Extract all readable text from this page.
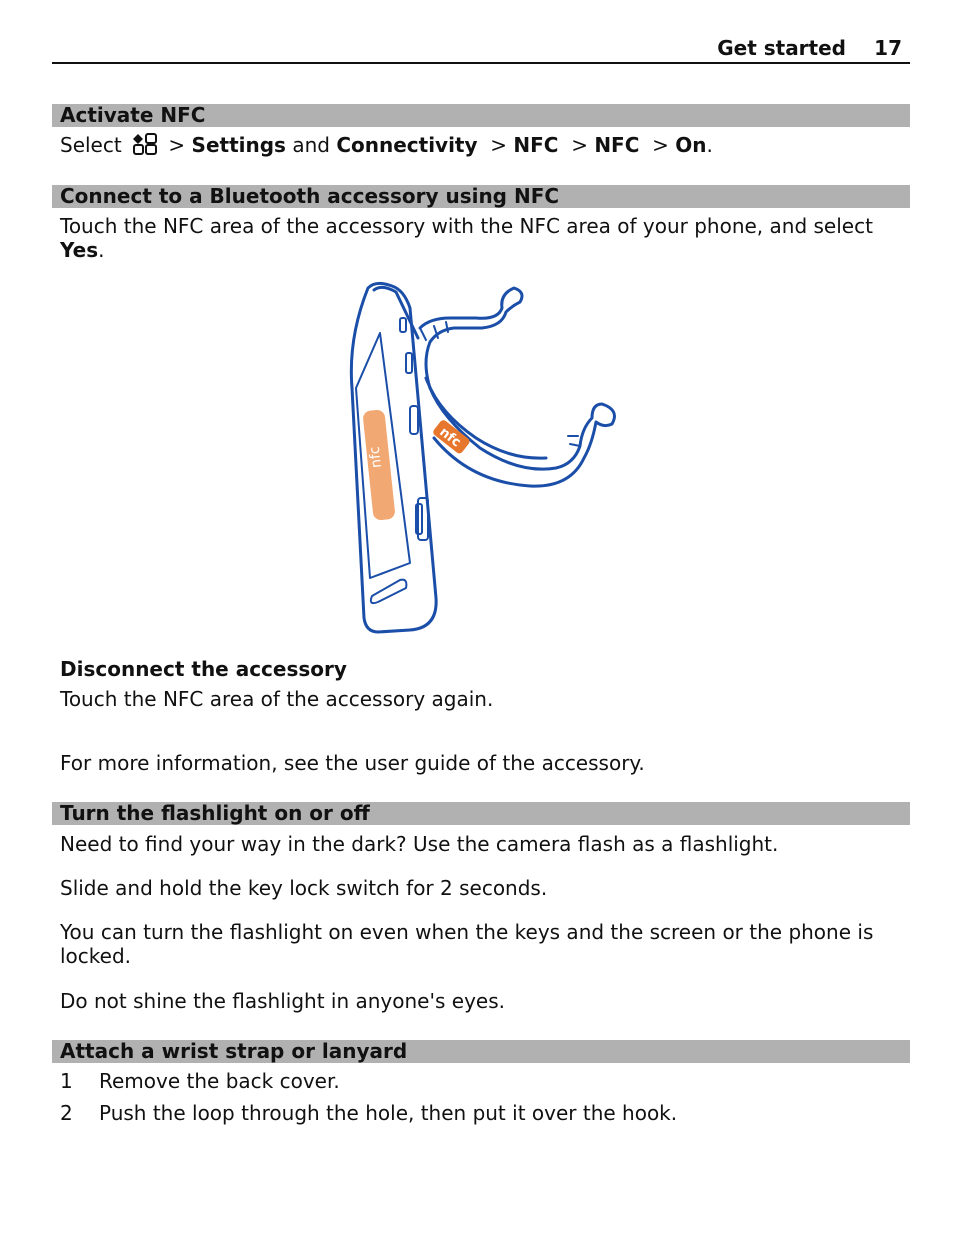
Get started 17
Activate NFC
Select > Settings and Connectivity > NFC > NFC > On.
Connect to a Bluetooth accessory using NFC
Touch the NFC area of the accessory with the NFC area of your phone, and select Yes.
nfc
nfc
Disconnect the accessory
Touch the NFC area of the accessory again.
For more information, see the user guide of the accessory.
Turn the flashlight on or off
Need to find your way in the dark? Use the camera flash as a flashlight.
Slide and hold the key lock switch for 2 seconds.
You can turn the flashlight on even when the keys and the screen or the phone is locked.
Do not shine the flashlight in anyone's eyes.
Attach a wrist strap or lanyard
1 Remove the back cover.
2 Push the loop through the hole, then put it over the hook.
